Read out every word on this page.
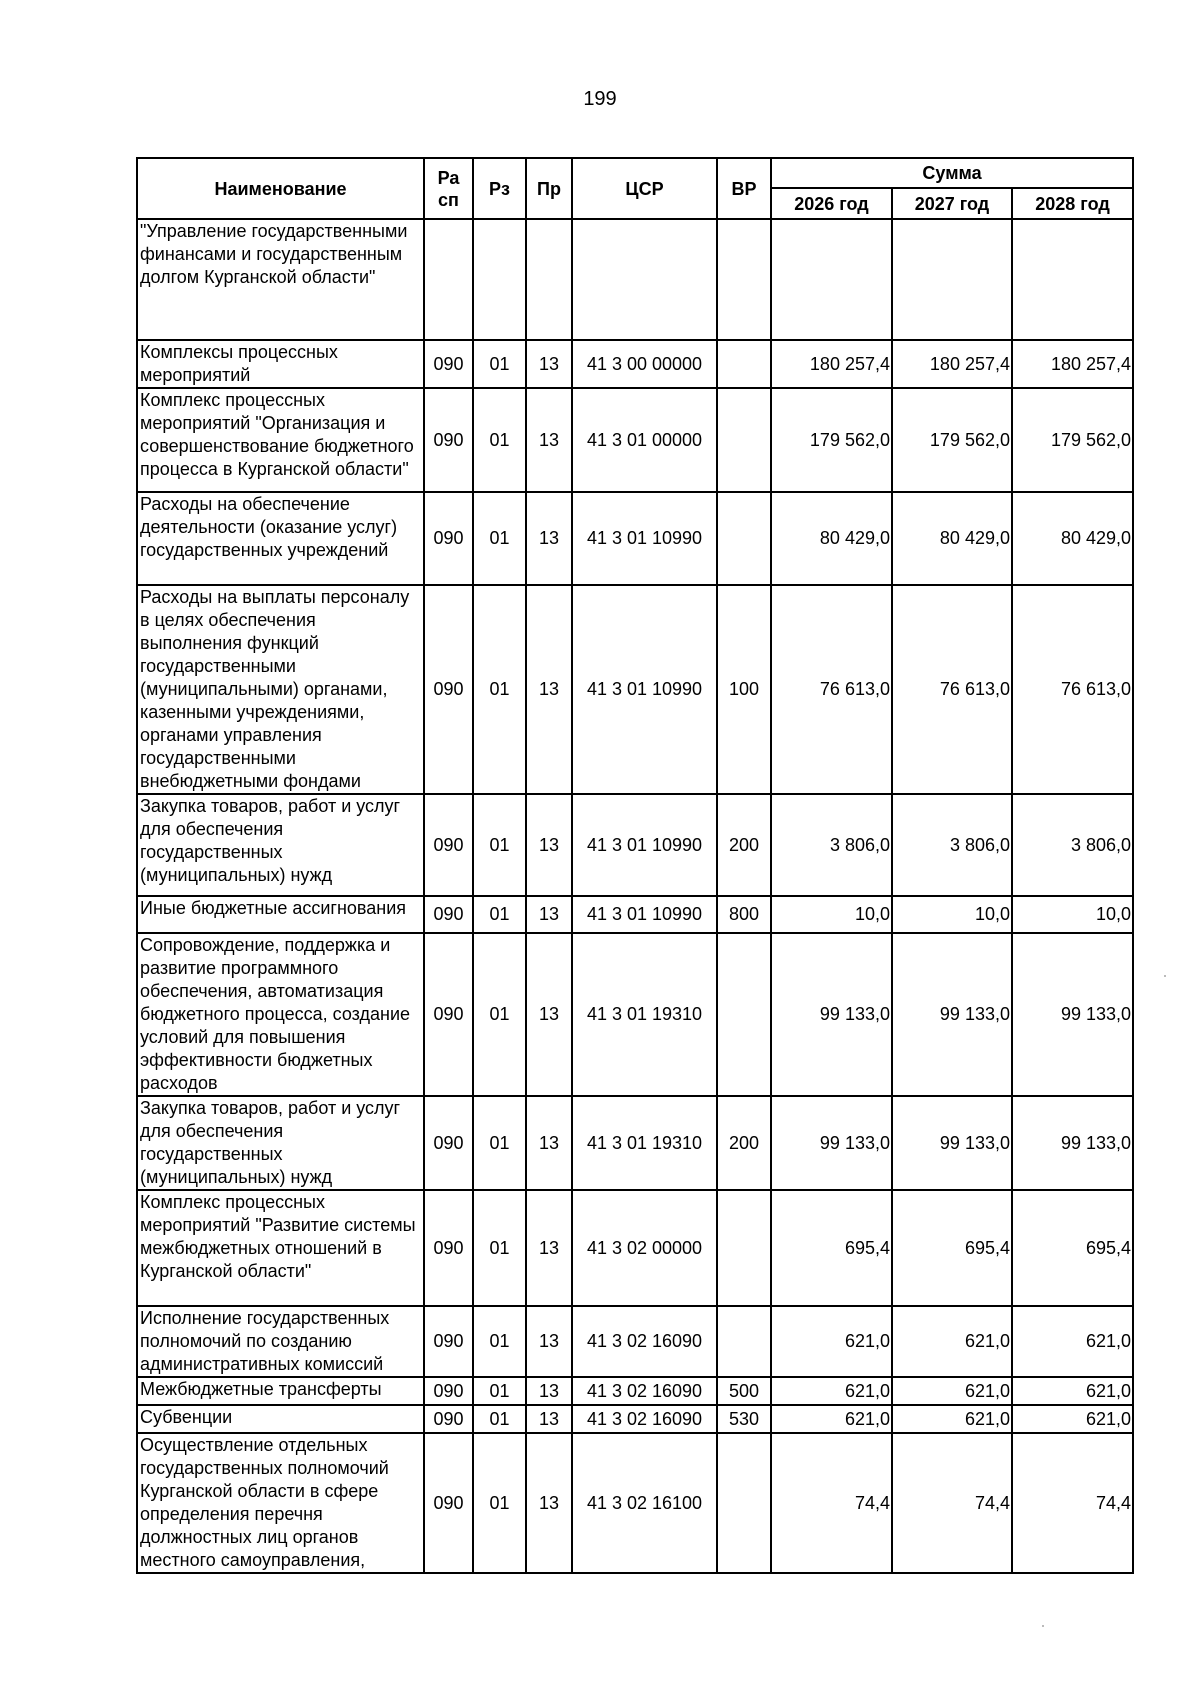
199
Наименование	Ра сп	Рз	Пр	ЦСР	ВР	Сумма		
						2026 год	2027 год	2028 год
"Управление государственными финансами и государственным долгом Курганской области"								
Комплексы процессных мероприятий	090	01	13	41 3 00 00000		180 257,4	180 257,4	180 257,4
Комплекс процессных мероприятий "Организация и совершенствование бюджетного процесса в Курганской области"	090	01	13	41 3 01 00000		179 562,0	179 562,0	179 562,0
Расходы на обеспечение деятельности (оказание услуг) государственных учреждений	090	01	13	41 3 01 10990		80 429,0	80 429,0	80 429,0
Расходы на выплаты персоналу в целях обеспечения выполнения функций государственными (муниципальными) органами, казенными учреждениями, органами управления государственными внебюджетными фондами	090	01	13	41 3 01 10990	100	76 613,0	76 613,0	76 613,0
Закупка товаров, работ и услуг для обеспечения государственных (муниципальных) нужд	090	01	13	41 3 01 10990	200	3 806,0	3 806,0	3 806,0
Иные бюджетные ассигнования	090	01	13	41 3 01 10990	800	10,0	10,0	10,0
Сопровождение, поддержка и развитие программного обеспечения, автоматизация бюджетного процесса, создание условий для повышения эффективности бюджетных расходов	090	01	13	41 3 01 19310		99 133,0	99 133,0	99 133,0
Закупка товаров, работ и услуг для обеспечения государственных (муниципальных) нужд	090	01	13	41 3 01 19310	200	99 133,0	99 133,0	99 133,0
Комплекс процессных мероприятий "Развитие системы межбюджетных отношений в Курганской области"	090	01	13	41 3 02 00000		695,4	695,4	695,4
Исполнение государственных полномочий по созданию административных комиссий	090	01	13	41 3 02 16090		621,0	621,0	621,0
Межбюджетные трансферты	090	01	13	41 3 02 16090	500	621,0	621,0	621,0
Субвенции	090	01	13	41 3 02 16090	530	621,0	621,0	621,0
Осуществление отдельных государственных полномочий Курганской области в сфере определения перечня должностных лиц органов местного самоуправления,	090	01	13	41 3 02 16100		74,4	74,4	74,4
